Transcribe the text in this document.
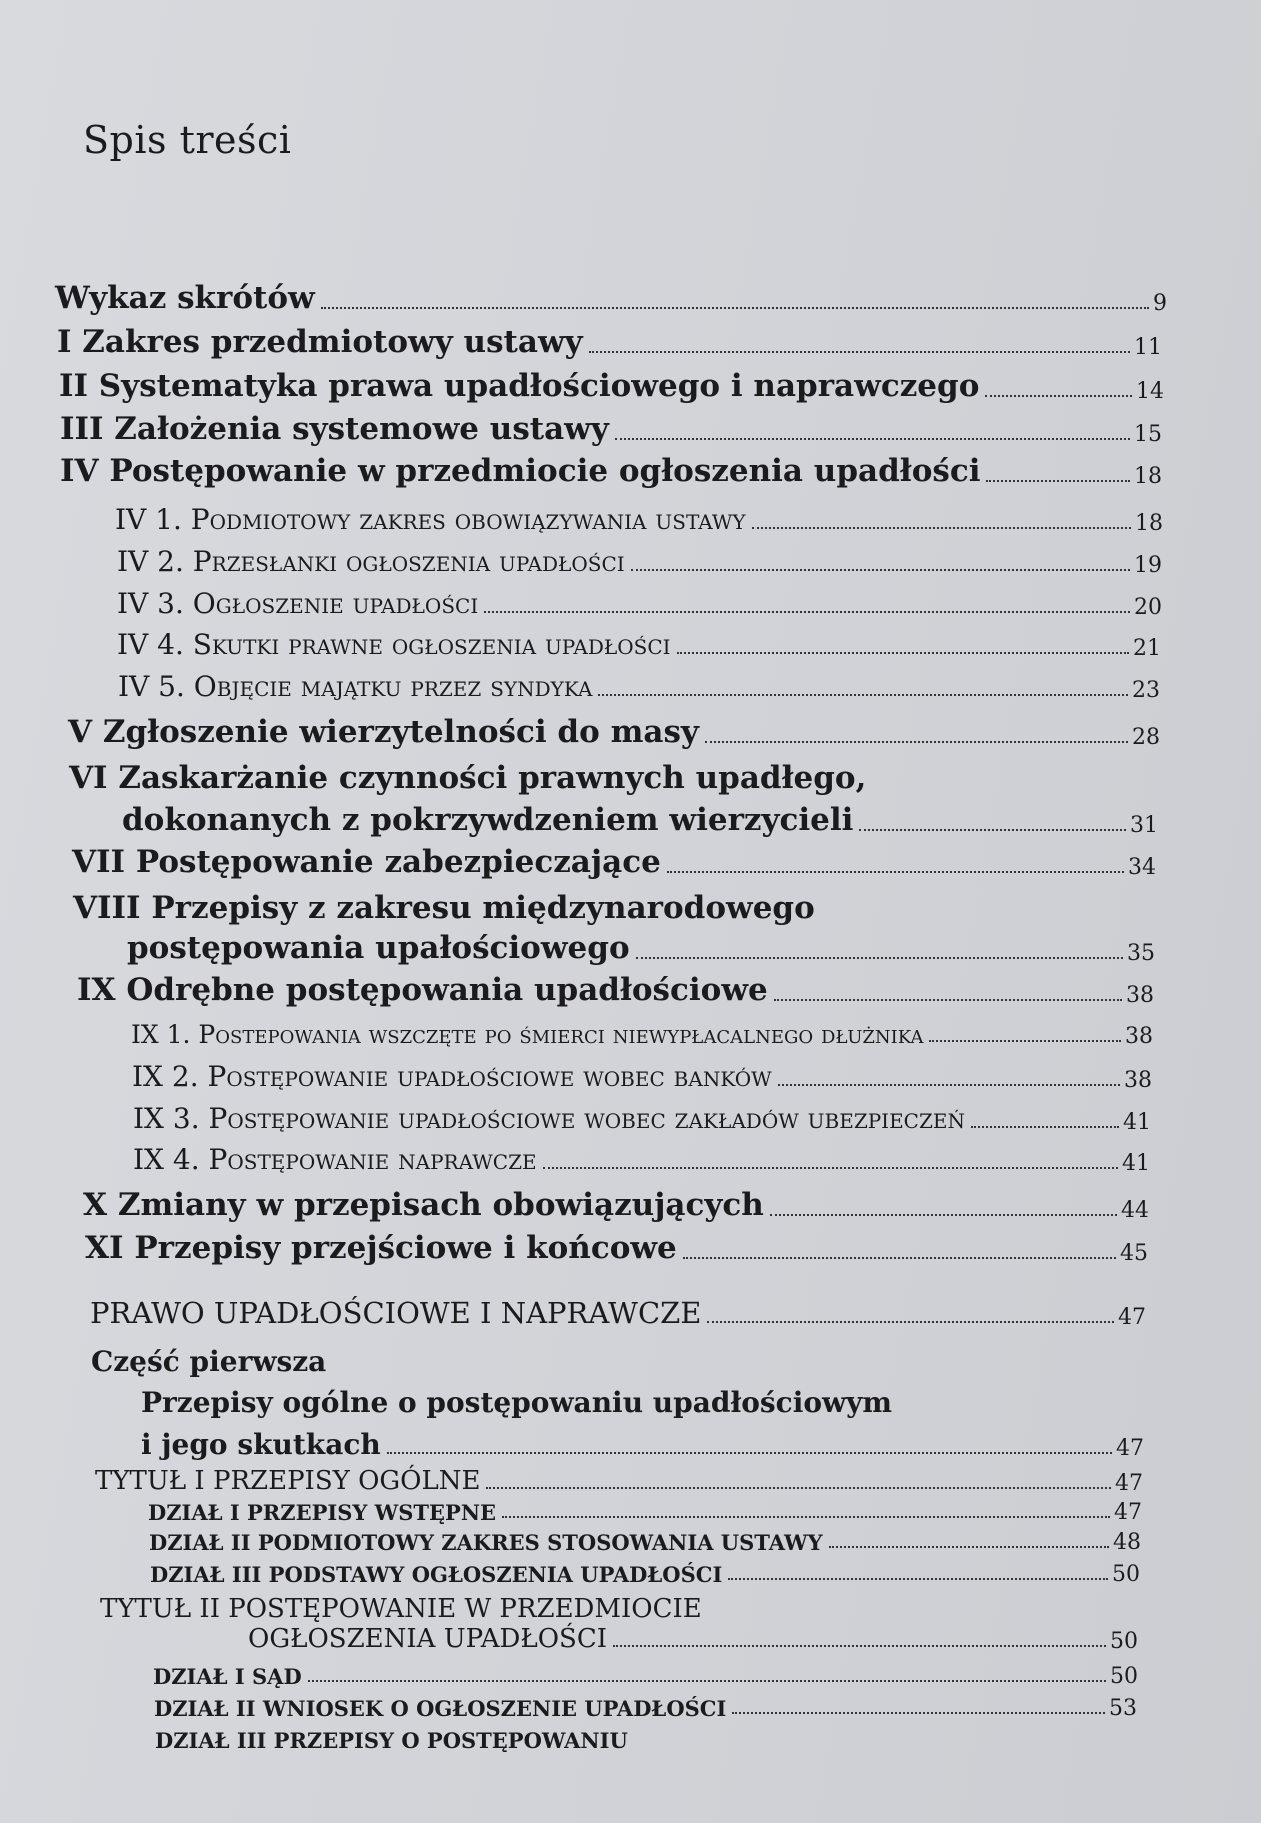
Spis treści
Wykaz skrótów	9
I Zakres przedmiotowy ustawy	11
II Systematyka prawa upadłościowego i naprawczego	14
III Założenia systemowe ustawy	15
IV Postępowanie w przedmiocie ogłoszenia upadłości	18
IV 1. Podmiotowy zakres obowiązywania ustawy	18
IV 2. Przesłanki ogłoszenia upadłości	19
IV 3. Ogłoszenie upadłości	20
IV 4. Skutki prawne ogłoszenia upadłości	21
IV 5. Objęcie majątku przez syndyka	23
V Zgłoszenie wierzytelności do masy	28
VI Zaskarżanie czynności prawnych upadłego,
dokonanych z pokrzywdzeniem wierzycieli	31
VII Postępowanie zabezpieczające	34
VIII Przepisy z zakresu międzynarodowego
postępowania upałościowego	35
IX Odrębne postępowania upadłościowe	38
IX 1. Postepowania wszczęte po śmierci niewypłacalnego dłużnika	38
IX 2. Postępowanie upadłościowe wobec banków	38
IX 3. Postępowanie upadłościowe wobec zakładów ubezpieczeń	41
IX 4. Postępowanie naprawcze	41
X Zmiany w przepisach obowiązujących	44
XI Przepisy przejściowe i końcowe	45
PRAWO UPADŁOŚCIOWE I NAPRAWCZE	47
Część pierwsza
Przepisy ogólne o postępowaniu upadłościowym
i jego skutkach	47
TYTUŁ I PRZEPISY OGÓLNE	47
DZIAŁ I PRZEPISY WSTĘPNE	47
DZIAŁ II PODMIOTOWY ZAKRES STOSOWANIA USTAWY	48
DZIAŁ III PODSTAWY OGŁOSZENIA UPADŁOŚCI	50
TYTUŁ II POSTĘPOWANIE W PRZEDMIOCIE
OGŁOSZENIA UPADŁOŚCI	50
DZIAŁ I SĄD	50
DZIAŁ II WNIOSEK O OGŁOSZENIE UPADŁOŚCI	53
DZIAŁ III PRZEPISY O POSTĘPOWANIU
